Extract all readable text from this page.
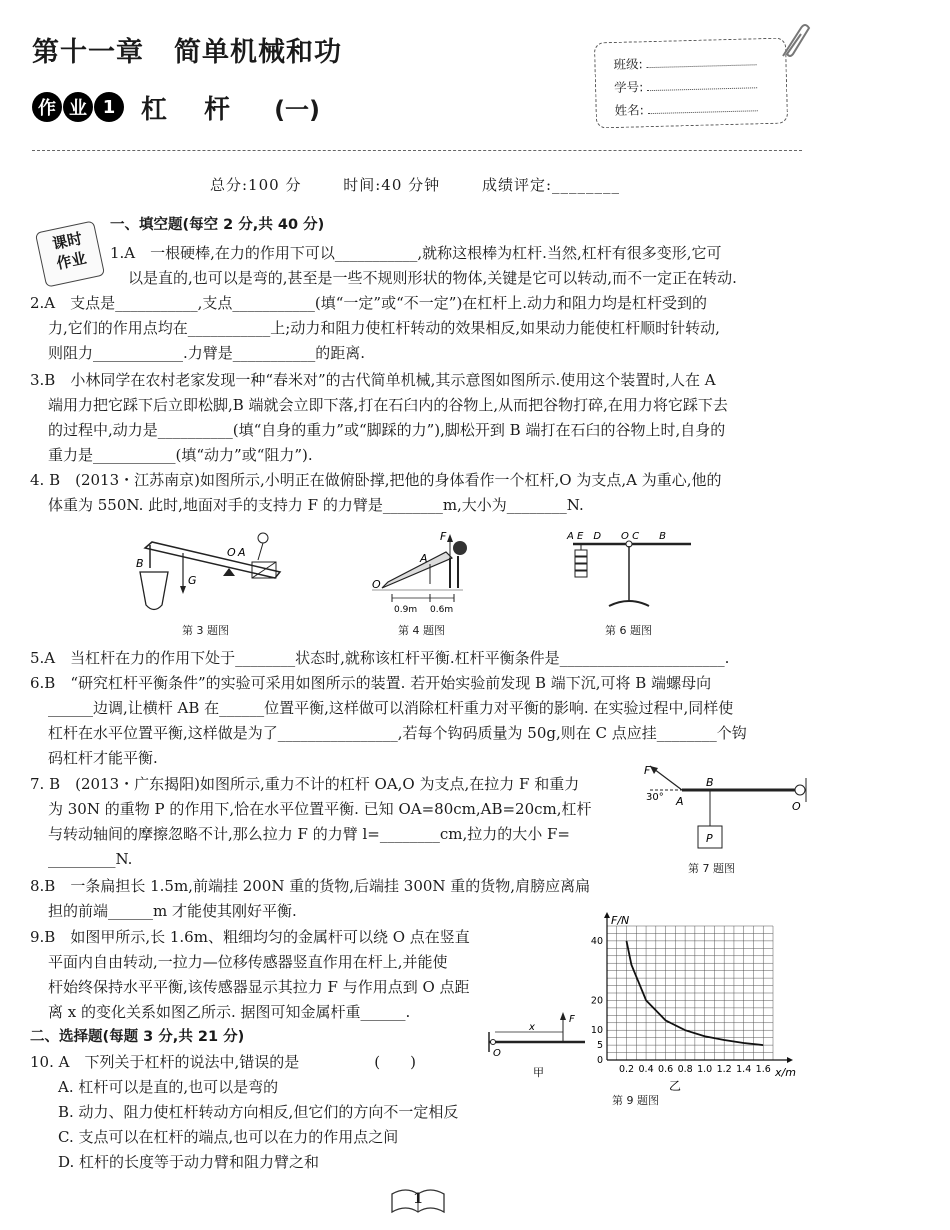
第十一章 简单机械和功
作 业 1 杠 杆 (一)
班级:
学号:
姓名:
总分:100 分	时间:40 分钟	成绩评定:________
课时
作业
一、填空题(每空 2 分,共 40 分)
1.A　一根硬棒,在力的作用下可以___________,就称这根棒为杠杆.当然,杠杆有很多变形,它可
以是直的,也可以是弯的,甚至是一些不规则形状的物体,关键是它可以转动,而不一定正在转动.
2.A　支点是___________,支点___________(填“一定”或“不一定”)在杠杆上.动力和阻力均是杠杆受到的
力,它们的作用点均在___________上;动力和阻力使杠杆转动的效果相反,如果动力能使杠杆顺时针转动,
则阻力____________.力臂是___________的距离.
3.B　小林同学在农村老家发现一种“春米对”的古代简单机械,其示意图如图所示.使用这个装置时,人在 A
端用力把它踩下后立即松脚,B 端就会立即下落,打在石臼内的谷物上,从而把谷物打碎,在用力将它踩下去
的过程中,动力是__________(填“自身的重力”或“脚踩的力”),脚松开到 B 端打在石臼的谷物上时,自身的
重力是___________(填“动力”或“阻力”).
4. B　(2013・江苏南京)如图所示,小明正在做俯卧撑,把他的身体看作一个杠杆,O 为支点,A 为重心,他的
体重为 550N. 此时,地面对手的支持力 F 的力臂是________m,大小为________N.
B
G
O A
第 3 题图
O
A
F
0.9m 0.6m
第 4 题图
A E　D　　O C　　B
第 6 题图
5.A　当杠杆在力的作用下处于________状态时,就称该杠杆平衡.杠杆平衡条件是______________________.
6.B　“研究杠杆平衡条件”的实验可采用如图所示的装置. 若开始实验前发现 B 端下沉,可将 B 端螺母向
______边调,让横杆 AB 在______位置平衡,这样做可以消除杠杆重力对平衡的影响. 在实验过程中,同样使
杠杆在水平位置平衡,这样做是为了________________,若每个钩码质量为 50g,则在 C 点应挂________个钩
码杠杆才能平衡.
7. B　(2013・广东揭阳)如图所示,重力不计的杠杆 OA,O 为支点,在拉力 F 和重力
为 30N 的重物 P 的作用下,恰在水平位置平衡. 已知 OA=80cm,AB=20cm,杠杆
与转动轴间的摩擦忽略不计,那么拉力 F 的力臂 l=________cm,拉力的大小 F=
_________N.
F
30° A
B
O
P
第 7 题图
8.B　一条扁担长 1.5m,前端挂 200N 重的货物,后端挂 300N 重的货物,肩膀应离扁
担的前端______m 才能使其刚好平衡.
9.B　如图甲所示,长 1.6m、粗细均匀的金属杆可以绕 O 点在竖直
平面内自由转动,一拉力—位移传感器竖直作用在杆上,并能使
杆始终保持水平平衡,该传感器显示其拉力 F 与作用点到 O 点距
离 x 的变化关系如图乙所示. 据图可知金属杆重______.
二、选择题(每题 3 分,共 21 分)
10. A　下列关于杠杆的说法中,错误的是　　　　　(　　)
A. 杠杆可以是直的,也可以是弯的
B. 动力、阻力使杠杆转动方向相反,但它们的方向不一定相反
C. 支点可以在杠杆的端点,也可以在力的作用点之间
D. 杠杆的长度等于动力臂和阻力臂之和
x
F
O
甲
F/N
x/m
0.2 0.4 0.6 0.8 1.0 1.2 1.4 1.6
5
10
20
40
0
乙
第 9 题图
1
